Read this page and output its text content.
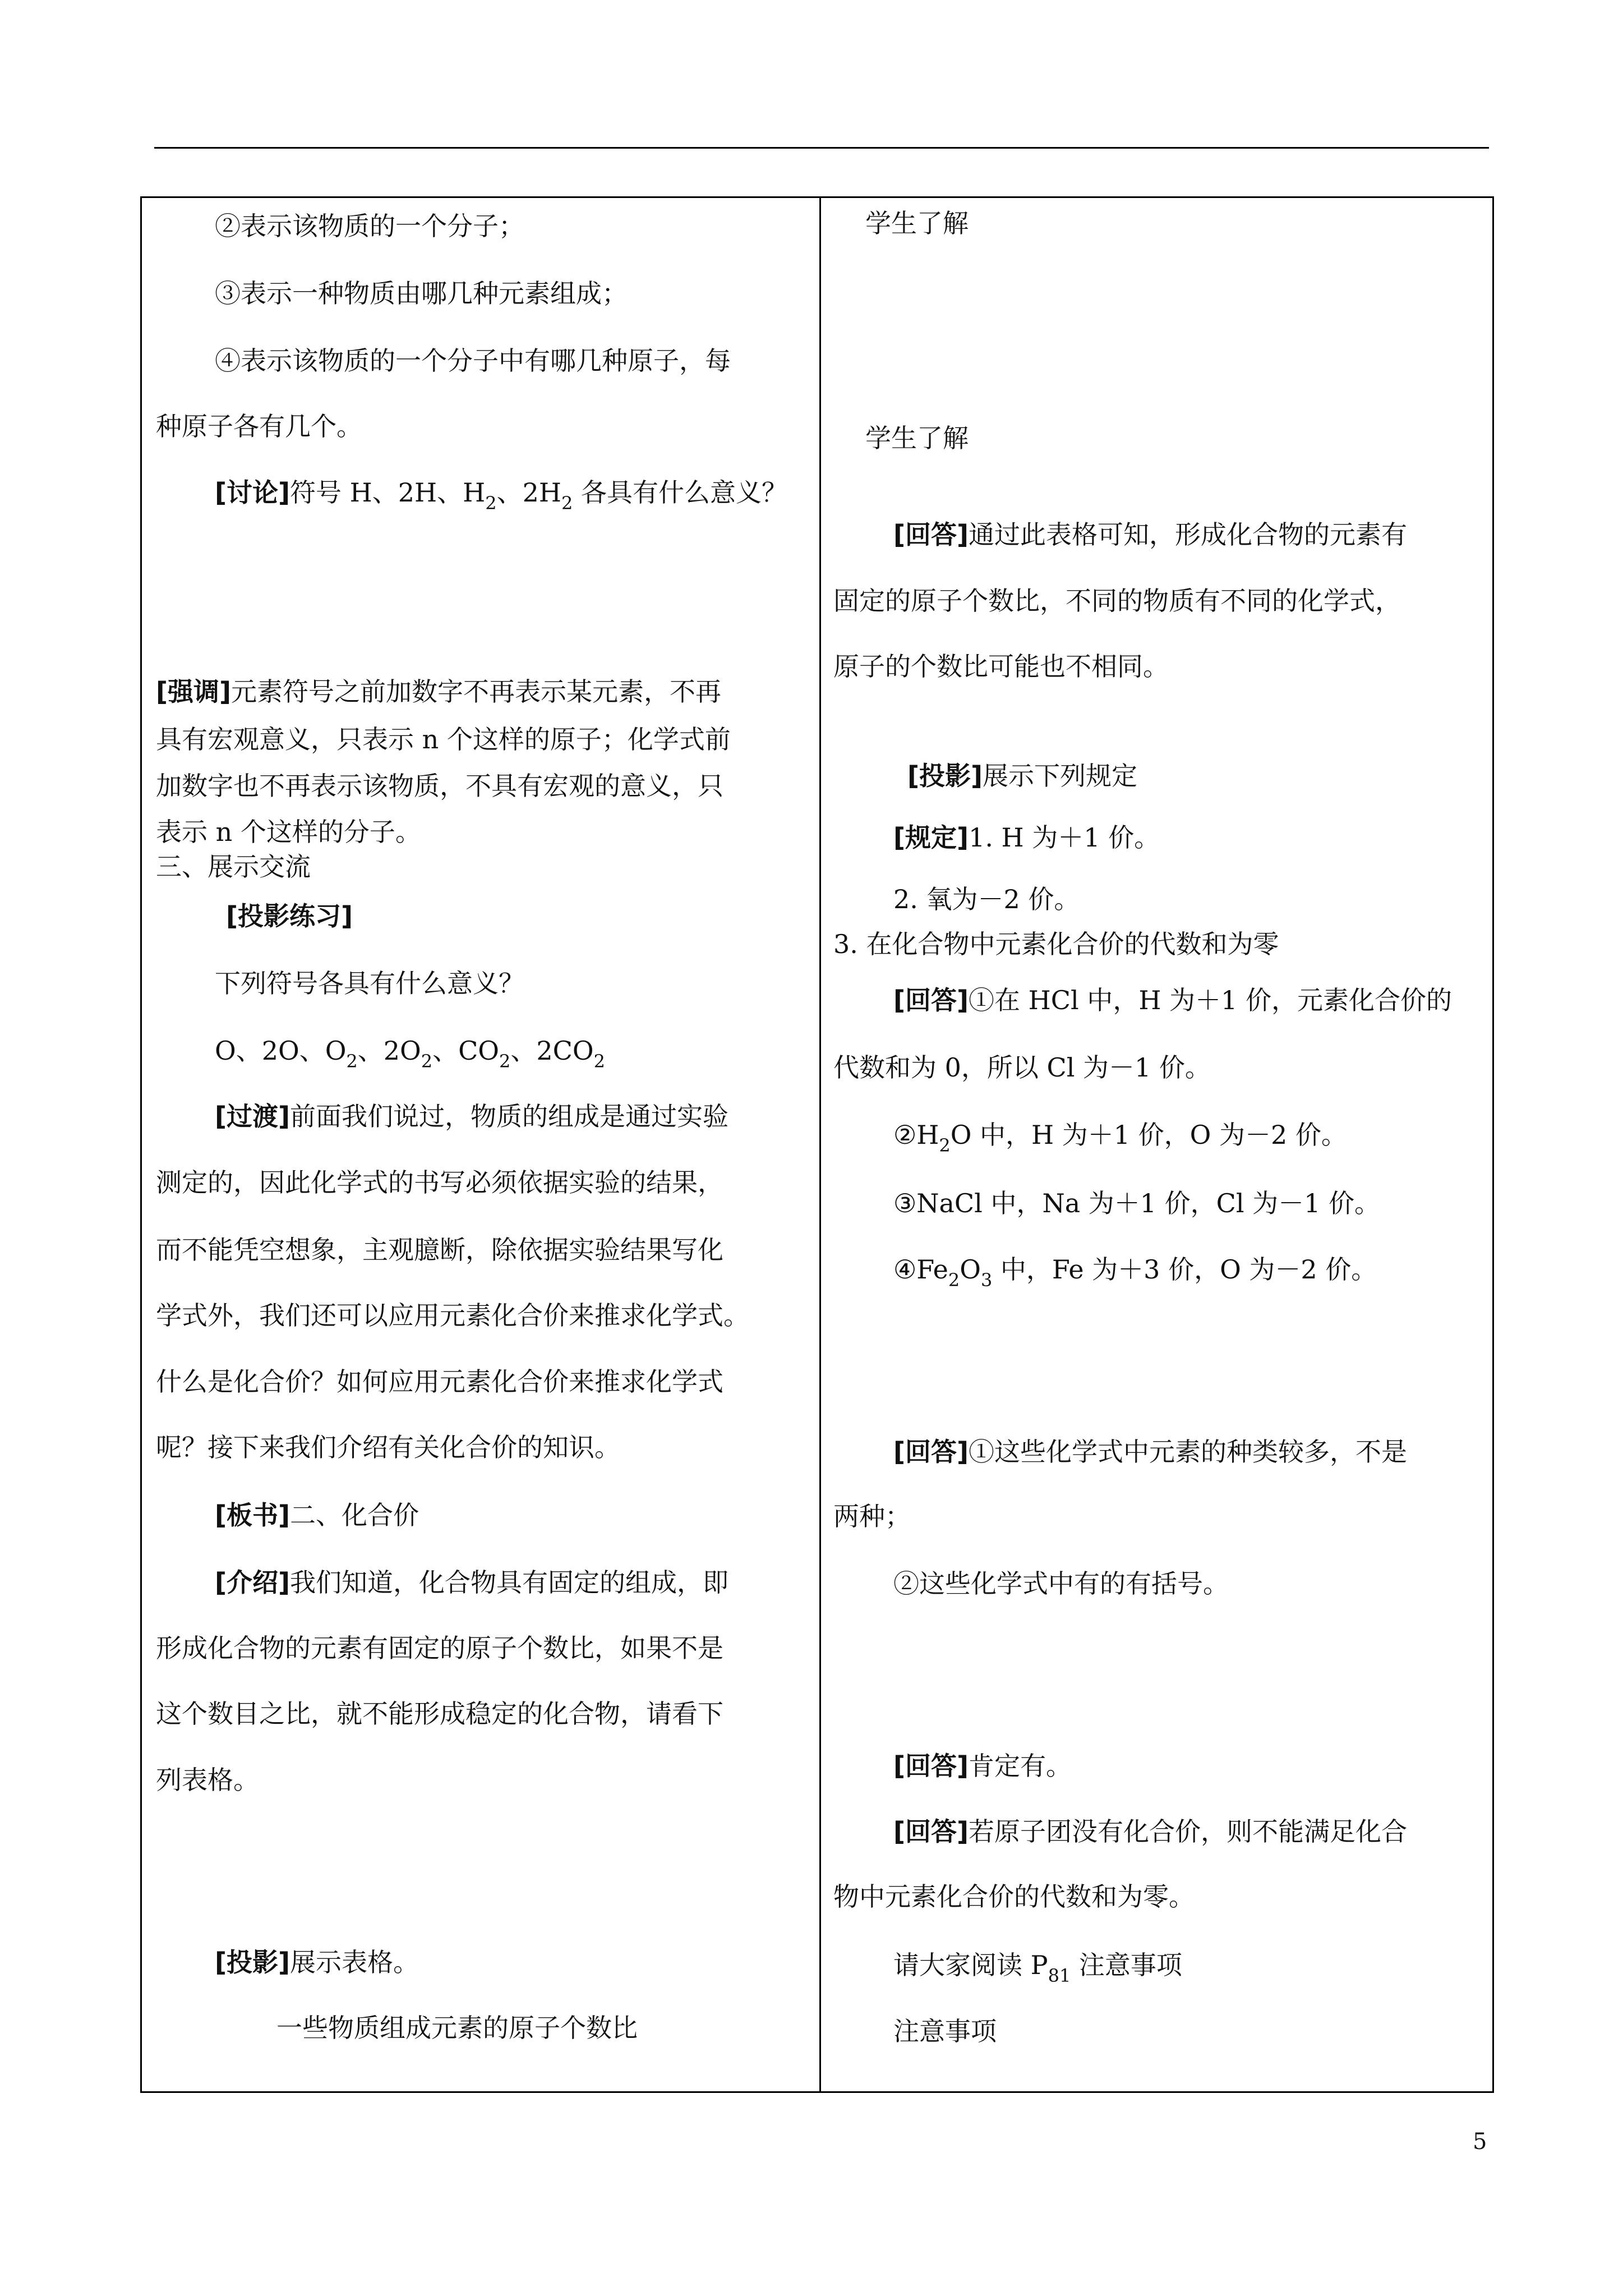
②表示该物质的一个分子；
③表示一种物质由哪几种元素组成；
④表示该物质的一个分子中有哪几种原子，每
种原子各有几个。
[讨论]符号 H、2H、$H_2$、$2H_2$ 各具有什么意义？
[强调]元素符号之前加数字不再表示某元素，不再
具有宏观意义，只表示 n 个这样的原子；化学式前
加数字也不再表示该物质，不具有宏观的意义，只
表示 n 个这样的分子。
三、展示交流
[投影练习]
下列符号各具有什么意义？
O、2O、$O_2$、$2O_2$、$CO_2$、$2CO_2$
[过渡]前面我们说过，物质的组成是通过实验
测定的，因此化学式的书写必须依据实验的结果，
而不能凭空想象，主观臆断，除依据实验结果写化
学式外，我们还可以应用元素化合价来推求化学式。
什么是化合价？如何应用元素化合价来推求化学式
呢？接下来我们介绍有关化合价的知识。
[板书]二、化合价
[介绍]我们知道，化合物具有固定的组成，即
形成化合物的元素有固定的原子个数比，如果不是
这个数目之比，就不能形成稳定的化合物，请看下
列表格。
[投影]展示表格。
一些物质组成元素的原子个数比
学生了解
学生了解
[回答]通过此表格可知，形成化合物的元素有
固定的原子个数比，不同的物质有不同的化学式，
原子的个数比可能也不相同。
[投影]展示下列规定
[规定]1. H 为＋1 价。
2. 氧为－2 价。
3. 在化合物中元素化合价的代数和为零
[回答]①在 HCl 中，H 为＋1 价，元素化合价的
代数和为 0，所以 Cl 为－1 价。
$②H_2O$ 中，H 为＋1 价，O 为－2 价。
③NaCl 中，Na 为＋1 价，Cl 为－1 价。
$④Fe_2O_3$ 中，Fe 为＋3 价，O 为－2 价。
[回答]①这些化学式中元素的种类较多，不是
两种；
②这些化学式中有的有括号。
[回答]肯定有。
[回答]若原子团没有化合价，则不能满足化合
物中元素化合价的代数和为零。
请大家阅读 $P_{81}$ 注意事项
注意事项
5
